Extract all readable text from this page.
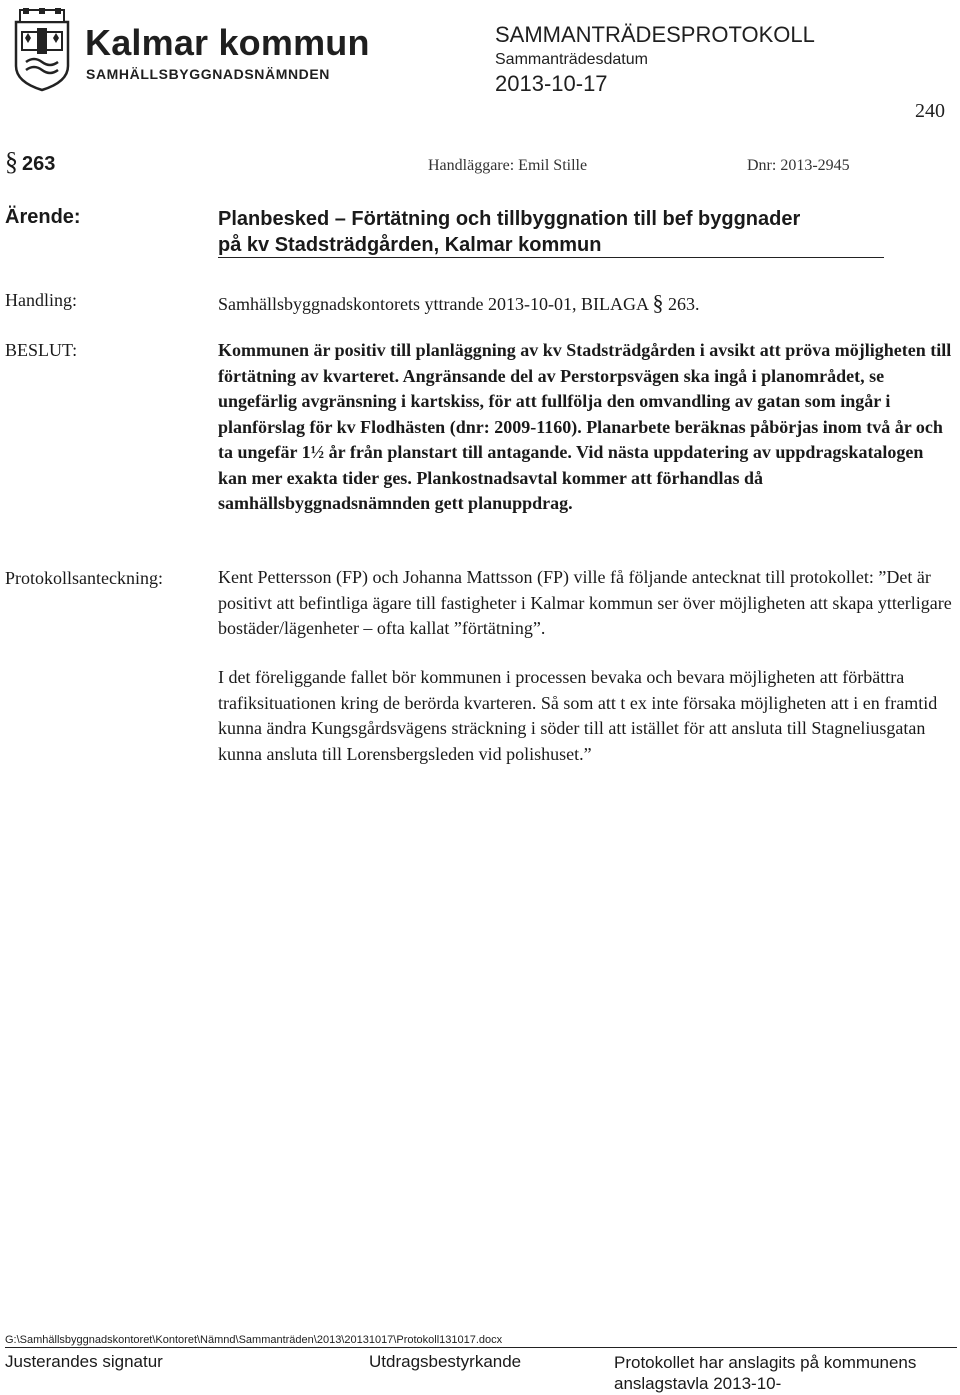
Kalmar kommun
SAMHÄLLSBYGGNADSNÄMNDEN
SAMMANTRÄDESPROTOKOLL
Sammanträdesdatum
2013-10-17
240
§ 263	Handläggare: Emil Stille	Dnr: 2013-2945
Ärende:	Planbesked – Förtätning och tillbyggnation till bef byggnader
på kv Stadsträdgården, Kalmar kommun
Handling:	Samhällsbyggnadskontorets yttrande 2013-10-01, BILAGA § 263.
BESLUT:	Kommunen är positiv till planläggning av kv Stadsträdgården i avsikt att pröva möjligheten till förtätning av kvarteret. Angränsande del av Perstorpsvägen ska ingå i planområdet, se ungefärlig avgränsning i kartskiss, för att fullfölja den omvandling av gatan som ingår i planförslag för kv Flodhästen (dnr: 2009-1160). Planarbete beräknas påbörjas inom två år och ta ungefär 1½ år från planstart till antagande. Vid nästa uppdatering av uppdragskatalogen kan mer exakta tider ges. Plankostnadsavtal kommer att förhandlas då samhällsbyggnadsnämnden gett planuppdrag.
Protokollsanteckning:	Kent Pettersson (FP) och Johanna Mattsson (FP) ville få följande antecknat till protokollet: ”Det är positivt att befintliga ägare till fastigheter i Kalmar kommun ser över möjligheten att skapa ytterligare bostäder/lägenheter – ofta kallat ”förtätning”.
I det föreliggande fallet bör kommunen i processen bevaka och bevara möjligheten att förbättra trafiksituationen kring de berörda kvarteren. Så som att t ex inte försaka möjligheten att i en framtid kunna ändra Kungsgårdsvägens sträckning i söder till att istället för att ansluta till Stagneliusgatan kunna ansluta till Lorensbergsleden vid polishuset.”
G:\Samhällsbyggnadskontoret\Kontoret\Nämnd\Sammanträden\2013\20131017\Protokoll131017.docx
Justerandes signatur	Utdragsbestyrkande	Protokollet har anslagits på kommunens anslagstavla 2013-10-
